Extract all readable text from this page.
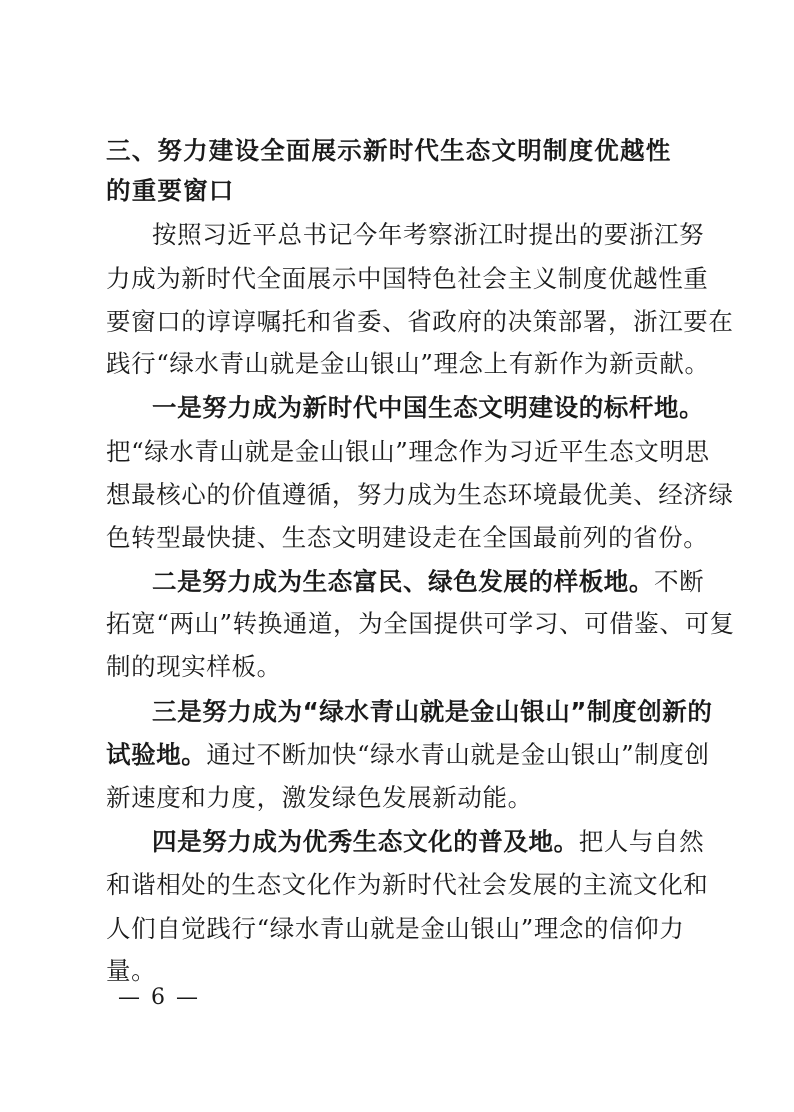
三、努力建设全面展示新时代生态文明制度优越性
的重要窗口
按照习近平总书记今年考察浙江时提出的要浙江努
力成为新时代全面展示中国特色社会主义制度优越性重
要窗口的谆谆嘱托和省委、省政府的决策部署，浙江要在
践行“绿水青山就是金山银山”理念上有新作为新贡献。
一是努力成为新时代中国生态文明建设的标杆地。
把“绿水青山就是金山银山”理念作为习近平生态文明思
想最核心的价值遵循，努力成为生态环境最优美、经济绿
色转型最快捷、生态文明建设走在全国最前列的省份。
二是努力成为生态富民、绿色发展的样板地。不断
拓宽“两山”转换通道，为全国提供可学习、可借鉴、可复
制的现实样板。
三是努力成为“绿水青山就是金山银山”制度创新的
试验地。通过不断加快“绿水青山就是金山银山”制度创
新速度和力度，激发绿色发展新动能。
四是努力成为优秀生态文化的普及地。把人与自然
和谐相处的生态文化作为新时代社会发展的主流文化和
人们自觉践行“绿水青山就是金山银山”理念的信仰力
量。
— 6 —
